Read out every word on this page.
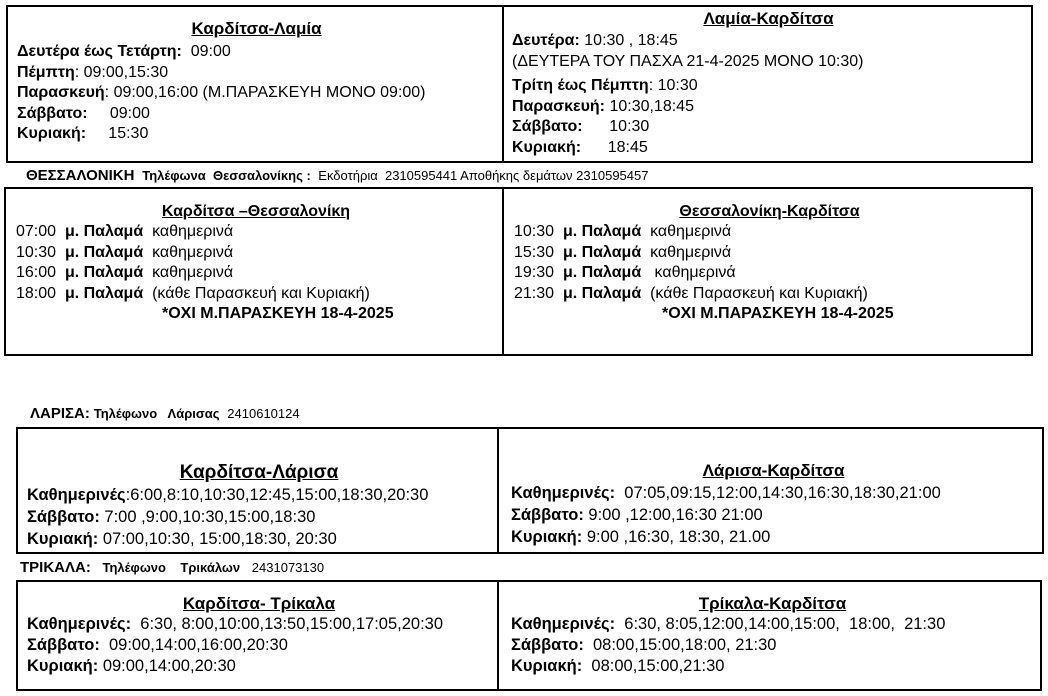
Καρδίτσα-Λαμία
Δευτέρα έως Τετάρτη:  09:00
Πέμπτη: 09:00,15:30
Παρασκευή: 09:00,16:00 (Μ.ΠΑΡΑΣΚΕΥΗ ΜΟΝΟ 09:00)
Σάββατο:     09:00
Κυριακή:     15:30
Λαμία-Καρδίτσα
Δευτέρα: 10:30 , 18:45
(ΔΕΥΤΕΡΑ ΤΟΥ ΠΑΣΧΑ 21-4-2025 ΜΟΝΟ 10:30)
Τρίτη έως Πέμπτη: 10:30
Παρασκευή: 10:30,18:45
Σάββατο:      10:30
Κυριακή:      18:45
ΘΕΣΣΑΛΟΝΙΚΗ Τηλέφωνα  Θεσσαλονίκης :  Εκδοτήρια  2310595441 Αποθήκης δεμάτων 2310595457
Καρδίτσα –Θεσσαλονίκη
07:00 μ. Παλαμά καθημερινά
10:30 μ. Παλαμά καθημερινά
16:00 μ. Παλαμά καθημερινά
18:00 μ. Παλαμά (κάθε Παρασκευή και Κυριακή)
*ΟΧΙ Μ.ΠΑΡΑΣΚΕΥΗ 18-4-2025
Θεσσαλονίκη-Καρδίτσα
10:30 μ. Παλαμά καθημερινά
15:30 μ. Παλαμά καθημερινά
19:30 μ. Παλαμά   καθημερινά
21:30 μ. Παλαμά (κάθε Παρασκευή και Κυριακή)
*ΟΧΙ Μ.ΠΑΡΑΣΚΕΥΗ 18-4-2025
ΛΑΡΙΣΑ: Τηλέφωνο   Λάρισας 2410610124
Καρδίτσα-Λάρισα
Καθημερινές:6:00,8:10,10:30,12:45,15:00,18:30,20:30
Σάββατο: 7:00 ,9:00,10:30,15:00,18:30
Κυριακή: 07:00,10:30, 15:00,18:30, 20:30
Λάρισα-Καρδίτσα
Καθημερινές:  07:05,09:15,12:00,14:30,16:30,18:30,21:00
Σάββατο: 9:00 ,12:00,16:30 21:00
Κυριακή: 9:00 ,16:30, 18:30, 21.00
ΤΡΙΚΑΛΑ: Τηλέφωνο    Τρικάλων 2431073130
Καρδίτσα- Τρίκαλα
Καθημερινές:  6:30, 8:00,10:00,13:50,15:00,17:05,20:30
Σάββατο:  09:00,14:00,16:00,20:30
Κυριακή: 09:00,14:00,20:30
Τρίκαλα-Καρδίτσα
Καθημερινές:  6:30, 8:05,12:00,14:00,15:00,  18:00,  21:30
Σάββατο:  08:00,15:00,18:00, 21:30
Κυριακή:  08:00,15:00,21:30
